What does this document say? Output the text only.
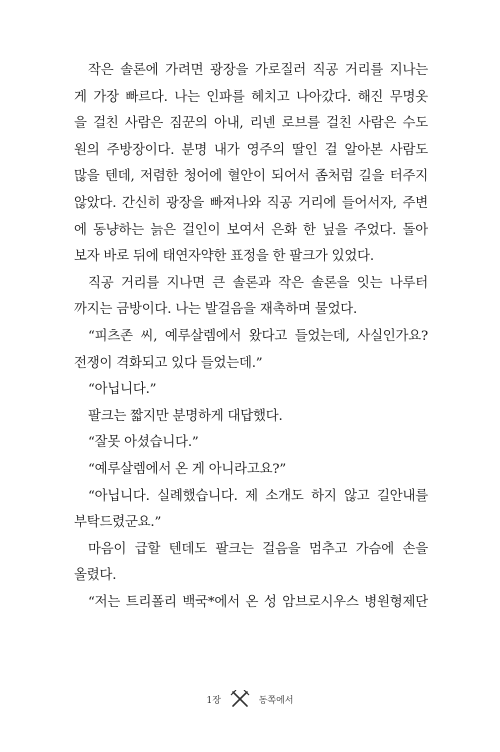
작은 솔론에 가려면 광장을 가로질러 직공 거리를 지나는
게 가장 빠르다. 나는 인파를 헤치고 나아갔다. 해진 무명옷
을 걸친 사람은 짐꾼의 아내, 리넨 로브를 걸친 사람은 수도
원의 주방장이다. 분명 내가 영주의 딸인 걸 알아본 사람도
많을 텐데, 저렴한 청어에 혈안이 되어서 좀처럼 길을 터주지
않았다. 간신히 광장을 빠져나와 직공 거리에 들어서자, 주변
에 동냥하는 늙은 걸인이 보여서 은화 한 닢을 주었다. 돌아
보자 바로 뒤에 태연자약한 표정을 한 팔크가 있었다.
직공 거리를 지나면 큰 솔론과 작은 솔론을 잇는 나루터
까지는 금방이다. 나는 발걸음을 재촉하며 물었다.
“피츠존 씨, 예루살렘에서 왔다고 들었는데, 사실인가요?
전쟁이 격화되고 있다 들었는데.”
“아닙니다.”
팔크는 짧지만 분명하게 대답했다.
“잘못 아셨습니다.”
“예루살렘에서 온 게 아니라고요?”
“아닙니다. 실례했습니다. 제 소개도 하지 않고 길안내를
부탁드렸군요.”
마음이 급할 텐데도 팔크는 걸음을 멈추고 가슴에 손을
올렸다.
“저는 트리폴리 백국*에서 온 성 암브로시우스 병원형제단
1장	동쪽에서
